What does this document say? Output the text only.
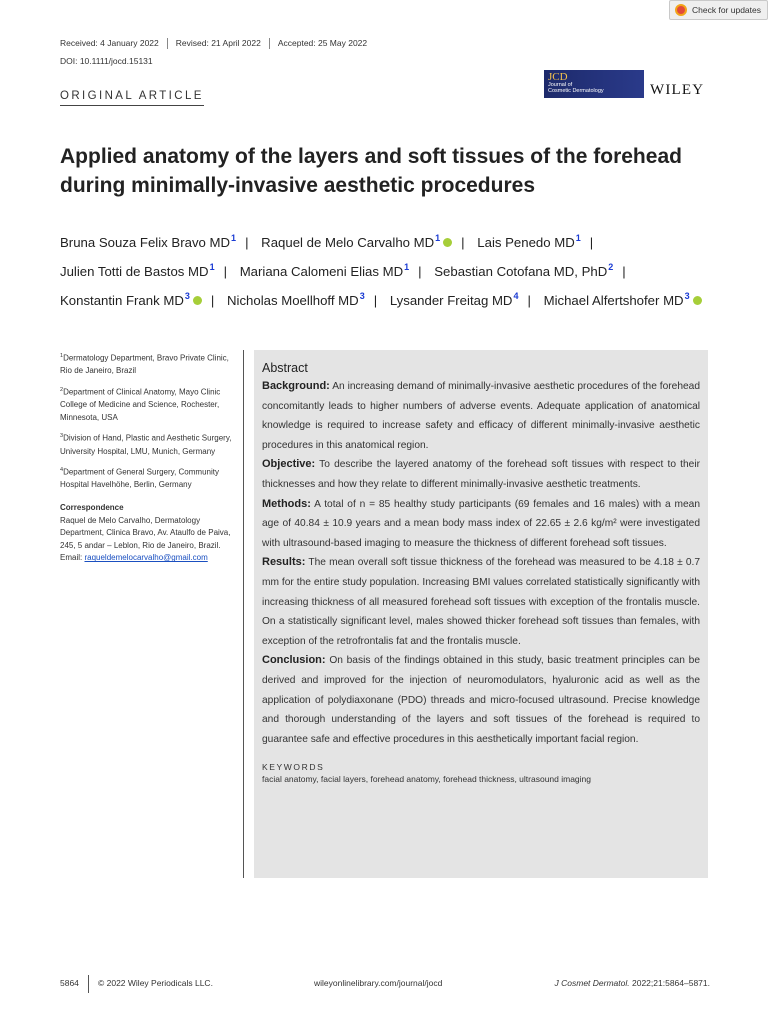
Check for updates
Received: 4 January 2022	Revised: 21 April 2022	Accepted: 25 May 2022
DOI: 10.1111/jocd.15131
ORIGINAL ARTICLE
JCD
Journal of
Cosmetic Dermatology	WILEY
Applied anatomy of the layers and soft tissues of the forehead during minimally-invasive aesthetic procedures
Bruna Souza Felix Bravo $MD^1$ | Raquel de Melo Carvalho $MD^1$ | Lais Penedo $MD^1$ | Julien Totti de Bastos $MD^1$ | Mariana Calomeni Elias $MD^1$ | Sebastian Cotofana MD, PhD$^2$ | Konstantin Frank $MD^3$ | Nicholas Moellhoff $MD^3$ | Lysander Freitag $MD^4$ | Michael Alfertshofer $MD^3$
$^1$Dermatology Department, Bravo Private Clinic, Rio de Janeiro, Brazil
$^2$Department of Clinical Anatomy, Mayo Clinic College of Medicine and Science, Rochester, Minnesota, USA
$^3$Division of Hand, Plastic and Aesthetic Surgery, University Hospital, LMU, Munich, Germany
$^4$Department of General Surgery, Community Hospital Havelhöhe, Berlin, Germany
Correspondence
Raquel de Melo Carvalho, Dermatology Department, Clinica Bravo, Av. Ataulfo de Paiva, 245, 5 andar – Leblon, Rio de Janeiro, Brazil.
Email: raqueldemelocarvalho@gmail.com
Abstract

Background: An increasing demand of minimally-invasive aesthetic procedures of the forehead concomitantly leads to higher numbers of adverse events. Adequate application of anatomical knowledge is required to increase safety and efficacy of different minimally-invasive aesthetic procedures in this anatomical region.

Objective: To describe the layered anatomy of the forehead soft tissues with respect to their thicknesses and how they relate to different minimally-invasive aesthetic treatments.

Methods: A total of n = 85 healthy study participants (69 females and 16 males) with a mean age of 40.84 ± 10.9 years and a mean body mass index of 22.65 ± 2.6 kg/m² were investigated with ultrasound-based imaging to measure the thickness of different forehead soft tissues.

Results: The mean overall soft tissue thickness of the forehead was measured to be 4.18 ± 0.7 mm for the entire study population. Increasing BMI values correlated statistically significantly with increasing thickness of all measured forehead soft tissues with exception of the frontalis muscle. On a statistically significant level, males showed thicker forehead soft tissues than females, with exception of the retrofrontalis fat and the frontalis muscle.

Conclusion: On basis of the findings obtained in this study, basic treatment principles can be derived and improved for the injection of neuromodulators, hyaluronic acid as well as the application of polydiaxonane (PDO) threads and micro-focused ultrasound. Precise knowledge and thorough understanding of the layers and soft tissues of the forehead is required to guarantee safe and effective procedures in this aesthetically important facial region.

KEYWORDS
facial anatomy, facial layers, forehead anatomy, forehead thickness, ultrasound imaging
5864 © 2022 Wiley Periodicals LLC.	wileyonlinelibrary.com/journal/jocd	J Cosmet Dermatol. 2022;21:5864–5871.
